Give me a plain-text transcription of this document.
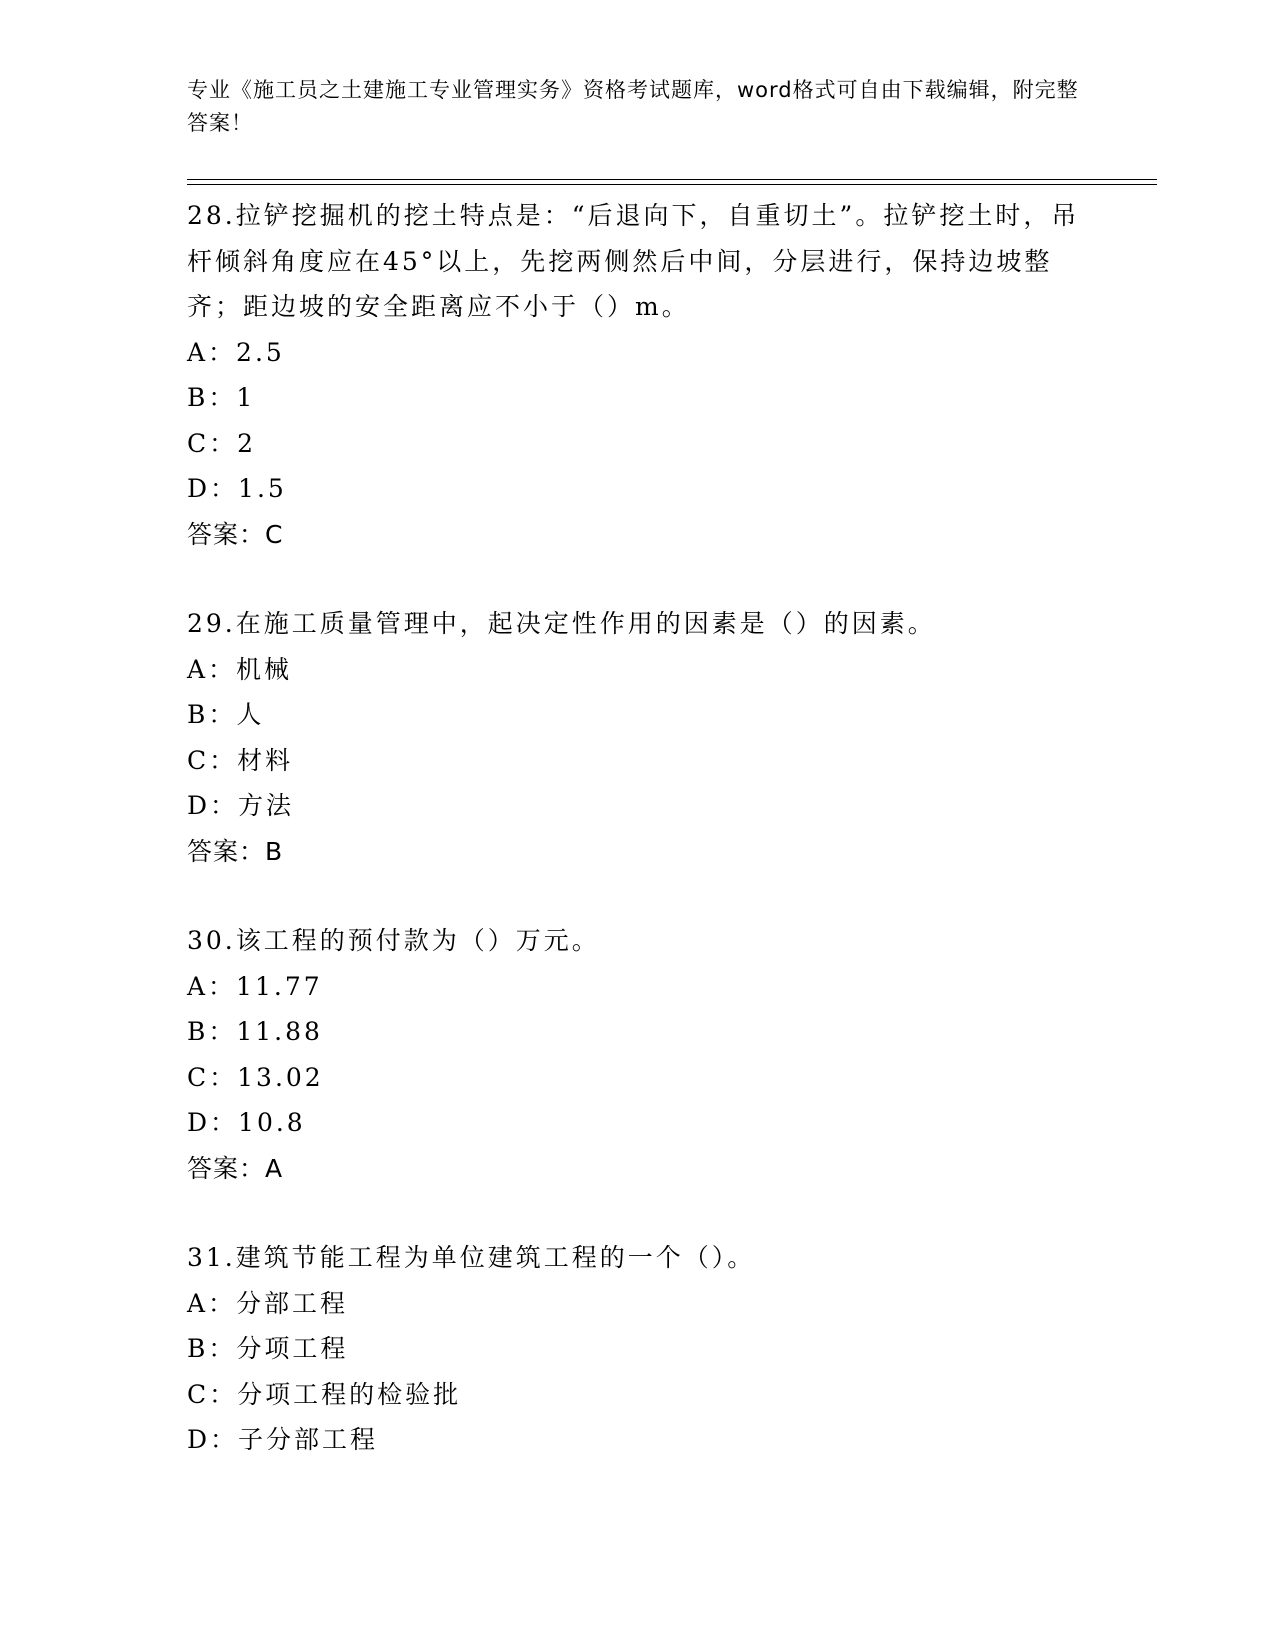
专业《施工员之土建施工专业管理实务》资格考试题库，word格式可自由下载编辑，附完整答案！
28.拉铲挖掘机的挖土特点是：“后退向下，自重切土”。拉铲挖土时，吊杆倾斜角度应在45°以上，先挖两侧然后中间，分层进行，保持边坡整齐；距边坡的安全距离应不小于（）m。
A：2.5
B：1
C：2
D：1.5
答案：C
29.在施工质量管理中，起决定性作用的因素是（）的因素。
A：机械
B：人
C：材料
D：方法
答案：B
30.该工程的预付款为（）万元。
A：11.77
B：11.88
C：13.02
D：10.8
答案：A
31.建筑节能工程为单位建筑工程的一个（）。
A：分部工程
B：分项工程
C：分项工程的检验批
D：子分部工程
